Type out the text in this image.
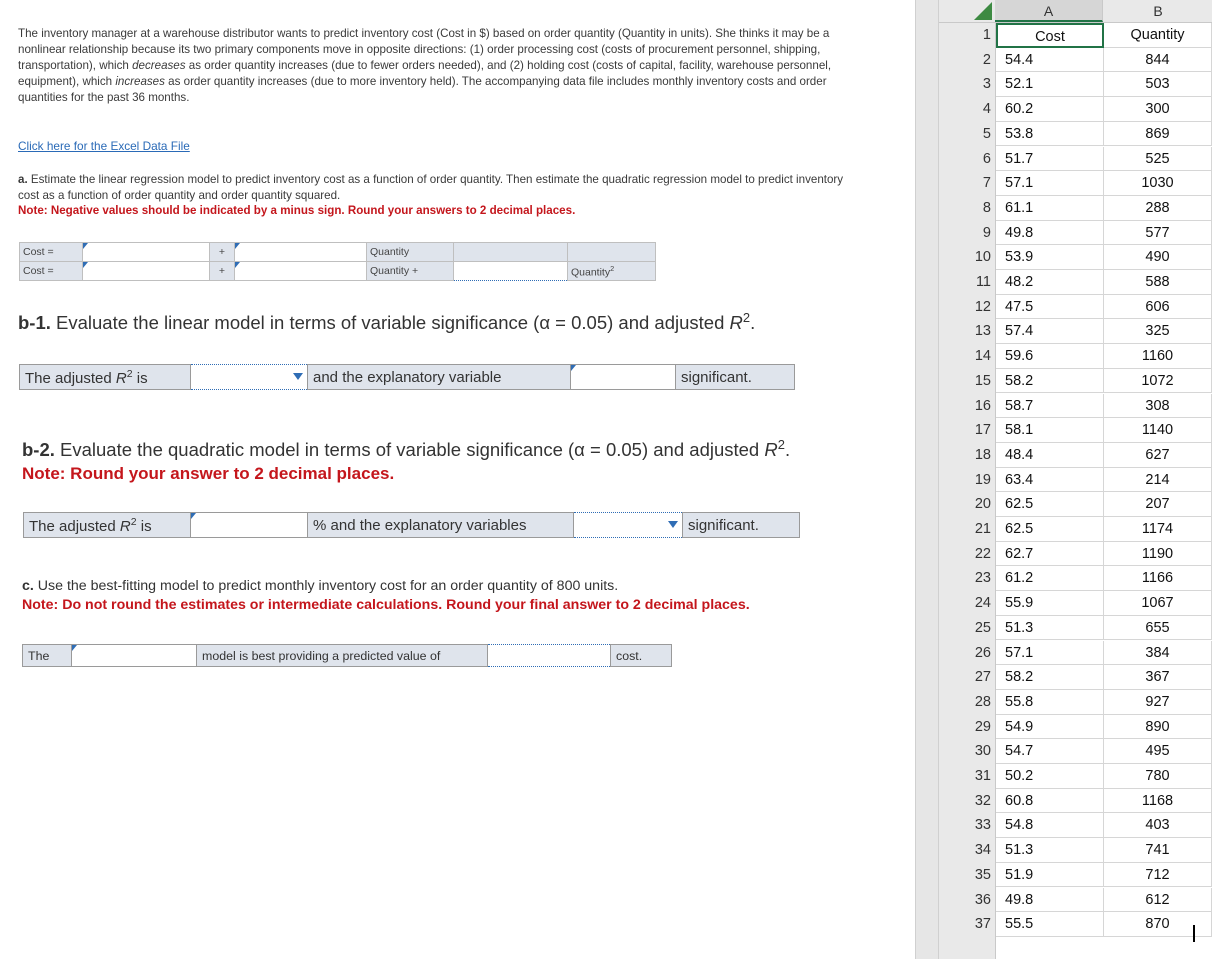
The inventory manager at a warehouse distributor wants to predict inventory cost (Cost in $) based on order quantity (Quantity in units). She thinks it may be a nonlinear relationship because its two primary components move in opposite directions: (1) order processing cost (costs of procurement personnel, shipping, transportation), which decreases as order quantity increases (due to fewer orders needed), and (2) holding cost (costs of capital, facility, warehouse personnel, equipment), which increases as order quantity increases (due to more inventory held). The accompanying data file includes monthly inventory costs and order quantities for the past 36 months.

Click here for the Excel Data File
a. Estimate the linear regression model to predict inventory cost as a function of order quantity. Then estimate the quadratic regression model to predict inventory cost as a function of order quantity and order quantity squared.
Note: Negative values should be indicated by a minus sign. Round your answers to 2 decimal places.
Cost =		+		Quantity		
Cost =		+		Quantity +		Quantity$^2$
b-1. Evaluate the linear model in terms of variable significance (α = 0.05) and adjusted $R^2$.
The adjusted $R^2$ is		and the explanatory variable		significant.
b-2. Evaluate the quadratic model in terms of variable significance (α = 0.05) and adjusted $R^2$.
Note: Round your answer to 2 decimal places.
The adjusted $R^2$ is		% and the explanatory variables		significant.
c. Use the best-fitting model to predict monthly inventory cost for an order quantity of 800 units.
Note: Do not round the estimates or intermediate calculations. Round your final answer to 2 decimal places.
The		model is best providing a predicted value of		cost.
A	B
1	Cost	Quantity
2 54.4	844
3 52.1	503
4 60.2	300
5 53.8	869
6 51.7	525
7 57.1	1030
8 61.1	288
9 49.8	577
10 53.9	490
11 48.2	588
12 47.5	606
13 57.4	325
14 59.6	1160
15 58.2	1072
16 58.7	308
17 58.1	1140
18 48.4	627
19 63.4	214
20 62.5	207
21 62.5	1174
22 62.7	1190
23 61.2	1166
24 55.9	1067
25 51.3	655
26 57.1	384
27 58.2	367
28 55.8	927
29 54.9	890
30 54.7	495
31 50.2	780
32 60.8	1168
33 54.8	403
34 51.3	741
35 51.9	712
36 49.8	612
37 55.5	870
